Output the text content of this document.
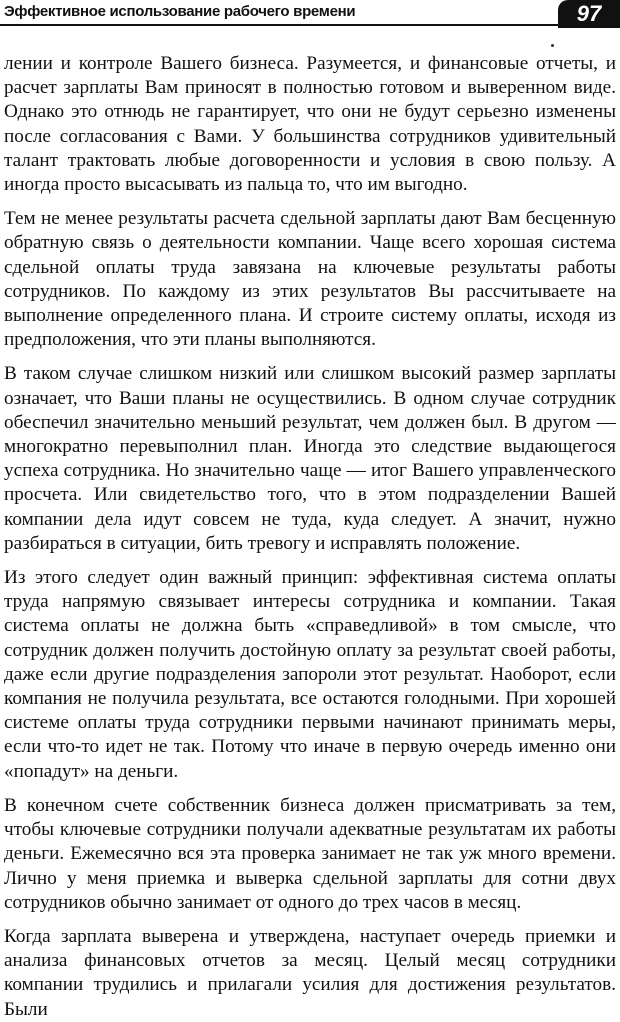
Эффективное использование рабочего времени	97

лении и контроле Вашего бизнеса. Разумеется, и финансовые отчеты, и расчет зарплаты Вам приносят в полностью готовом и выверенном виде. Однако это отнюдь не гарантирует, что они не будут серьезно изменены после согласования с Вами. У большинства сотрудников удивительный талант трактовать любые договоренности и условия в свою пользу. А иногда просто высасывать из пальца то, что им выгодно.

Тем не менее результаты расчета сдельной зарплаты дают Вам бесценную обратную связь о деятельности компании. Чаще всего хорошая система сдельной оплаты труда завязана на ключевые результаты работы сотрудников. По каждому из этих результатов Вы рассчитываете на выполнение определенного плана. И строите систему оплаты, исходя из предположения, что эти планы выполняются.

В таком случае слишком низкий или слишком высокий размер зарплаты означает, что Ваши планы не осуществились. В одном случае сотрудник обеспечил значительно меньший результат, чем должен был. В другом — многократно перевыполнил план. Иногда это следствие выдающегося успеха сотрудника. Но значительно чаще — итог Вашего управленческого просчета. Или свидетельство того, что в этом подразделении Вашей компании дела идут совсем не туда, куда следует. А значит, нужно разбираться в ситуации, бить тревогу и исправлять положение.

Из этого следует один важный принцип: эффективная система оплаты труда напрямую связывает интересы сотрудника и компании. Такая система оплаты не должна быть «справедливой» в том смысле, что сотрудник должен получить достойную оплату за результат своей работы, даже если другие подразделения запороли этот результат. Наоборот, если компания не получила результата, все остаются голодными. При хорошей системе оплаты труда сотрудники первыми начинают принимать меры, если что-то идет не так. Потому что иначе в первую очередь именно они «попадут» на деньги.

В конечном счете собственник бизнеса должен присматривать за тем, чтобы ключевые сотрудники получали адекватные результатам их работы деньги. Ежемесячно вся эта проверка занимает не так уж много времени. Лично у меня приемка и выверка сдельной зарплаты для сотни двух сотрудников обычно занимает от одного до трех часов в месяц.

Когда зарплата выверена и утверждена, наступает очередь приемки и анализа финансовых отчетов за месяц. Целый месяц сотрудники компании трудились и прилагали усилия для достижения результатов. Были
